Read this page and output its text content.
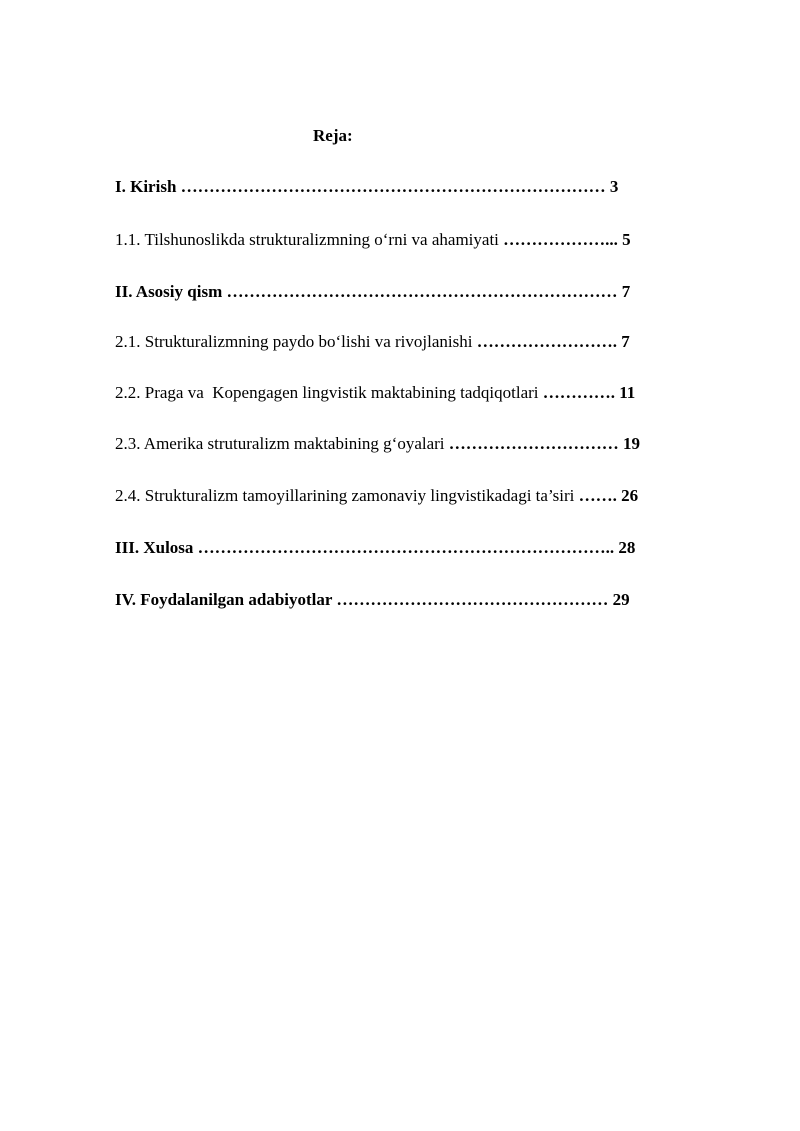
Reja:
I. Kirish ………………………………………………………………… 3
1.1. Tilshunoslikda strukturalizmning o‘rni va ahamiyati ………………... 5
II. Asosiy qism …………………………………………………………… 7
2.1. Strukturalizmning paydo bo‘lishi va rivojlanishi ……………………. 7
2.2. Praga va  Kopengagen lingvistik maktabining tadqiqotlari …………. 11
2.3. Amerika struturalizm maktabining g‘oyalari ………………………… 19
2.4. Strukturalizm tamoyillarining zamonaviy lingvistikadagi ta’siri ……. 26
III. Xulosa ……………………………………………………………….. 28
IV. Foydalanilgan adabiyotlar ………………………………………… 29
